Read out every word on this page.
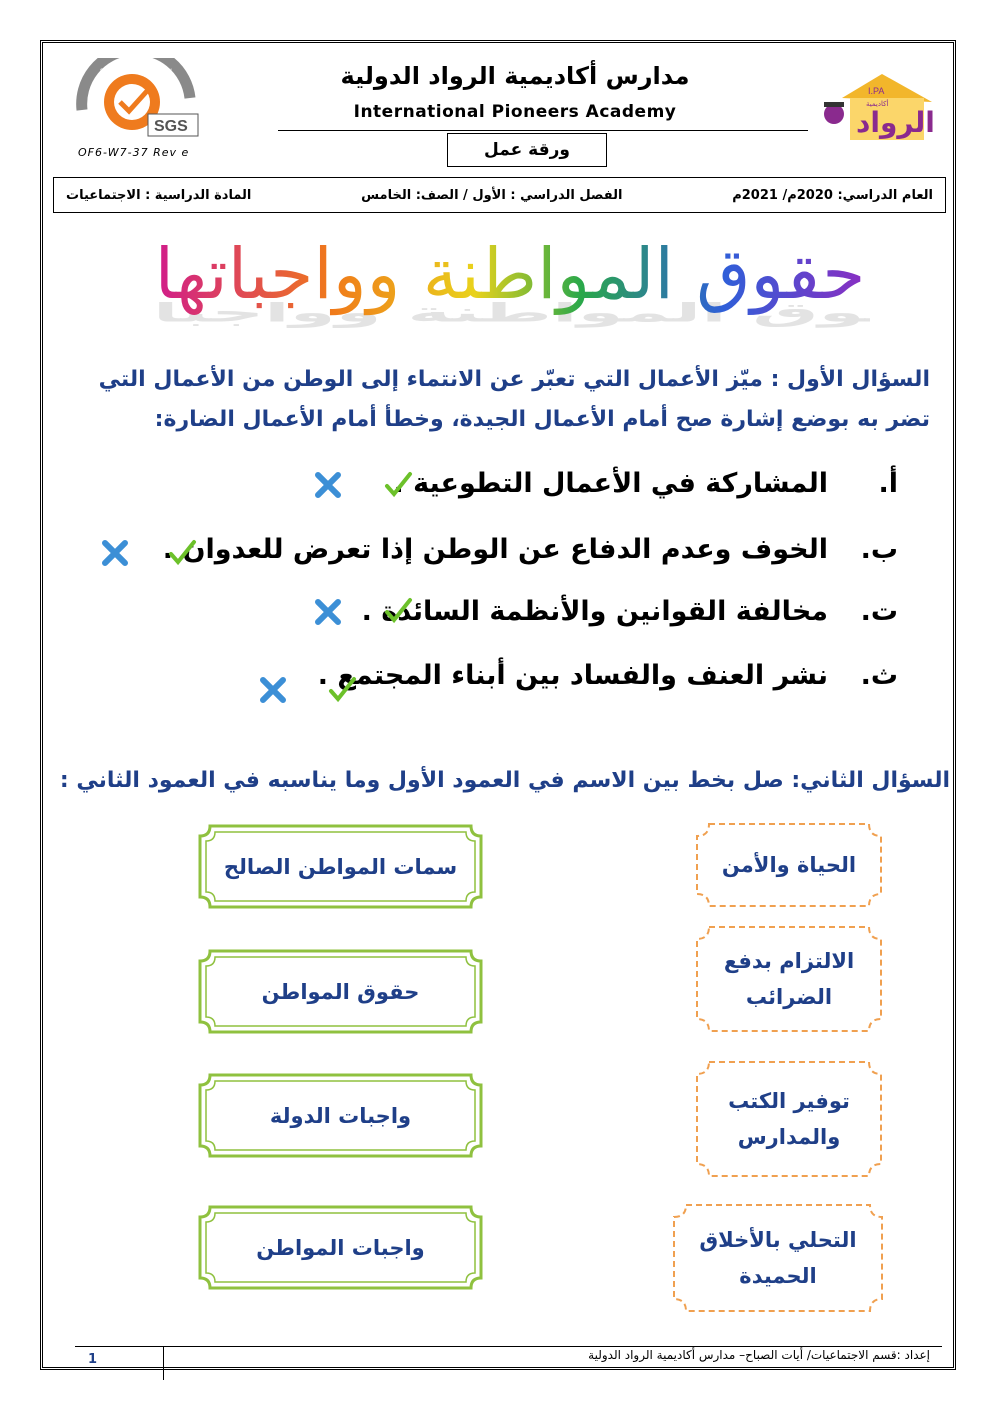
SGS
SYSTEM CERTIFICATION
ISO 9001
OF6-W7-37 Rev e
مدارس أكاديمية الرواد الدولية
International Pioneers Academy
ورقة عمل
الرواد
I.PA
أكاديمية
المادة الدراسية : الاجتماعيات	الفصل الدراسي : الأول / الصف: الخامس	العام الدراسي: 2020م/ 2021م
وق المواطنة وواجبا
حقوق المواطنة وواجباتها
السؤال الأول : ميّز الأعمال التي تعبّر عن الانتماء إلى الوطن من الأعمال التي تضر به بوضع إشارة صح أمام الأعمال الجيدة، وخطأ أمام الأعمال الضارة:
أ.المشاركة في الأعمال التطوعية .
ب.الخوف وعدم الدفاع عن الوطن إذا تعرض للعدوان .
ت.مخالفة القوانين والأنظمة السائدة .
ث.نشر العنف والفساد بين أبناء المجتمع .
السؤال الثاني: صل بخط بين الاسم في العمود الأول وما يناسبه في العمود الثاني :
سمات المواطن الصالح
حقوق المواطن
واجبات الدولة
واجبات المواطن
الحياة والأمن
الالتزام بدفع الضرائب
توفير الكتب والمدارس
التحلي بالأخلاق الحميدة
إعداد :قسم الاجتماعيات/ أيات الصباح– مدارس أكاديمية الرواد الدولية
1
